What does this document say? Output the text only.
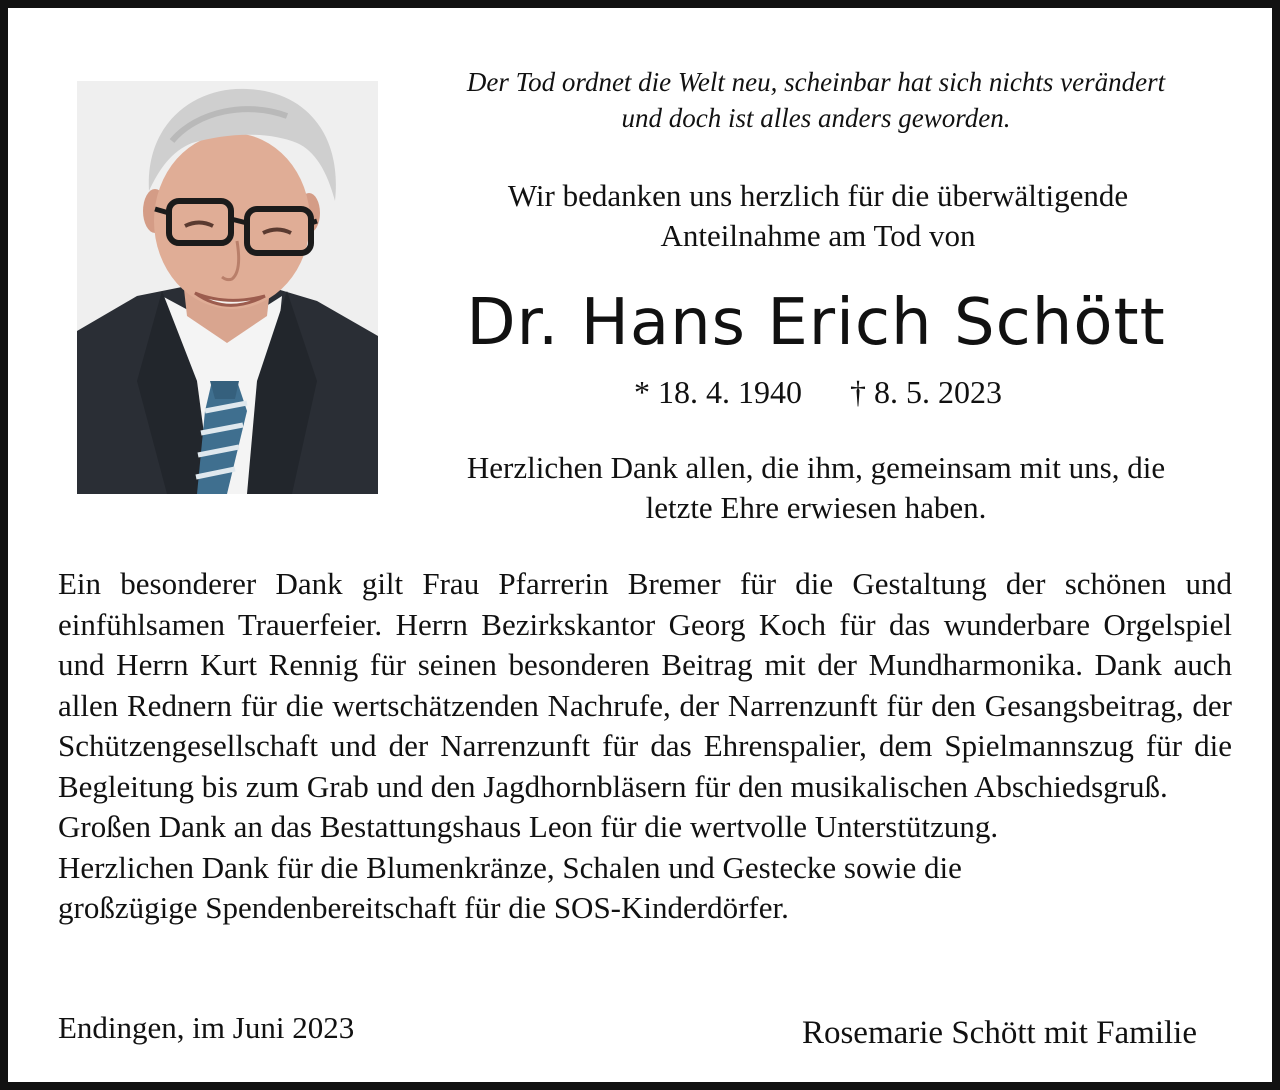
Der Tod ordnet die Welt neu, scheinbar hat sich nichts verändert
und doch ist alles anders geworden.
Wir bedanken uns herzlich für die überwältigende
Anteilnahme am Tod von
Dr. Hans Erich Schött
* 18. 4. 1940 † 8. 5. 2023
Herzlichen Dank allen, die ihm, gemeinsam mit uns, die
letzte Ehre erwiesen haben.

Ein besonderer Dank gilt Frau Pfarrerin Bremer für die Gestaltung der schönen und einfühlsamen Trauerfeier. Herrn Bezirkskantor Georg Koch für das wunderbare Orgelspiel und Herrn Kurt Rennig für seinen besonderen Beitrag mit der Mundharmonika. Dank auch allen Rednern für die wertschätzenden Nachrufe, der Narrenzunft für den Gesangsbeitrag, der Schützengesellschaft und der Narrenzunft für das Ehrenspalier, dem Spielmannszug für die Begleitung bis zum Grab und den Jagdhornbläsern für den musikalischen Abschiedsgruß.

Großen Dank an das Bestattungshaus Leon für die wertvolle Unterstützung.

Herzlichen Dank für die Blumenkränze, Schalen und Gestecke sowie die

großzügige Spendenbereitschaft für die SOS-Kinderdörfer.

Endingen, im Juni 2023	Rosemarie Schött mit Familie
